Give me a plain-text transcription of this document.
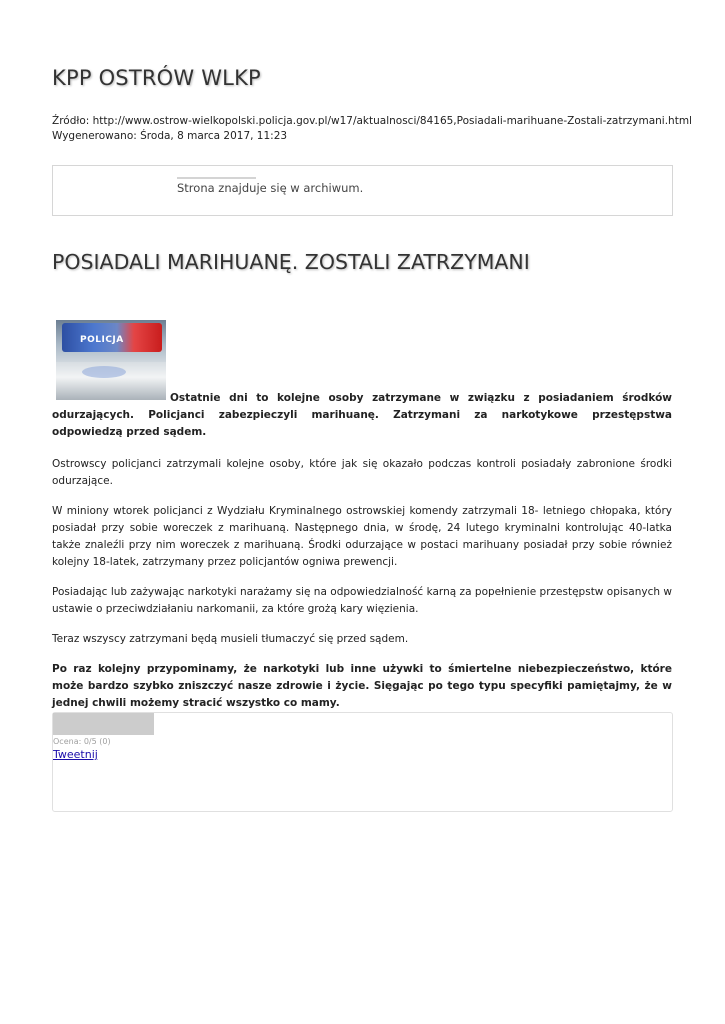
KPP OSTRÓW WLKP
Źródło: http://www.ostrow-wielkopolski.policja.gov.pl/w17/aktualnosci/84165,Posiadali-marihuane-Zostali-zatrzymani.html
Wygenerowano: Środa, 8 marca 2017, 11:23
Strona znajduje się w archiwum.
POSIADALI MARIHUANĘ. ZOSTALI ZATRZYMANI
POLICJA

Ostatnie dni to kolejne osoby zatrzymane w związku z posiadaniem środków odurzających. Policjanci zabezpieczyli marihuanę. Zatrzymani za narkotykowe przestępstwa odpowiedzą przed sądem.

Ostrowscy policjanci zatrzymali kolejne osoby, które jak się okazało podczas kontroli posiadały zabronione środki odurzające.

W miniony wtorek policjanci z Wydziału Kryminalnego ostrowskiej komendy zatrzymali 18- letniego chłopaka, który posiadał przy sobie woreczek z marihuaną. Następnego dnia, w środę, 24 lutego kryminalni kontrolując 40-latka także znaleźli przy nim woreczek z marihuaną. Środki odurzające w postaci marihuany posiadał przy sobie również kolejny 18-latek, zatrzymany przez policjantów ogniwa prewencji.

Posiadając lub zażywając narkotyki narażamy się na odpowiedzialność karną za popełnienie przestępstw opisanych w ustawie o przeciwdziałaniu narkomanii, za które grożą kary więzienia.

Teraz wszyscy zatrzymani będą musieli tłumaczyć się przed sądem.

Po raz kolejny przypominamy, że narkotyki lub inne używki to śmiertelne niebezpieczeństwo, które może bardzo szybko zniszczyć nasze zdrowie i życie. Sięgając po tego typu specyfiki pamiętajmy, że w jednej chwili możemy stracić wszystko co mamy.

Ocena: 0/5 (0)
Tweetnij
